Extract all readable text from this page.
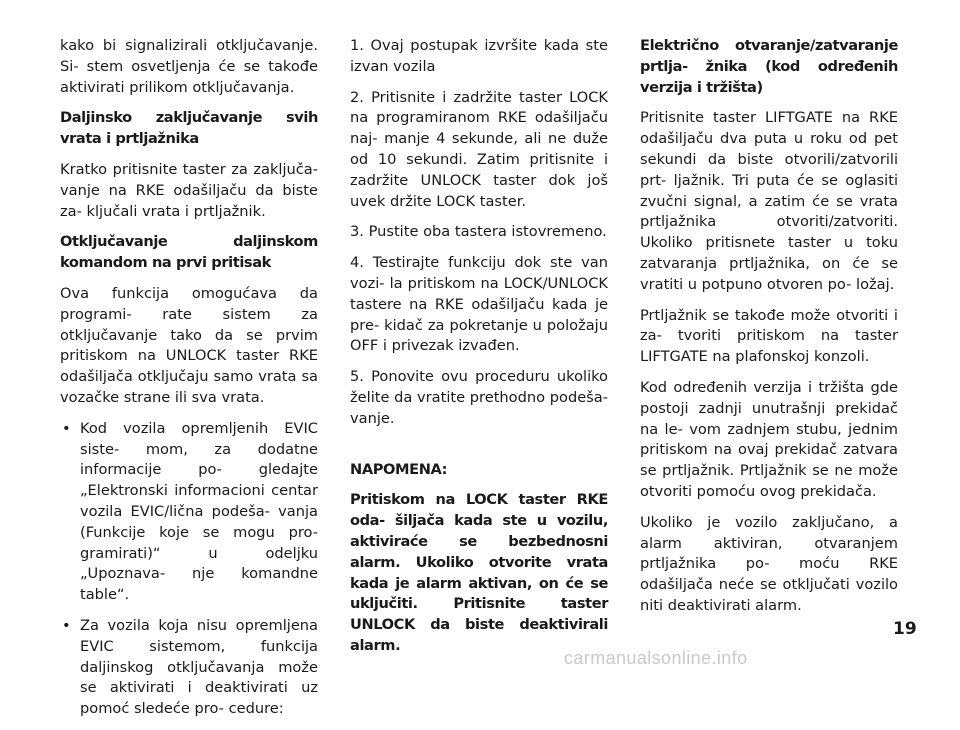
kako bi signalizirali otključavanje. Si- stem osvetljenja će se takođe aktivirati prilikom otključavanja.

Daljinsko zaključavanje svih vrata i prtljažnika

Kratko pritisnite taster za zaključa- vanje na RKE odašiljaču da biste za- ključali vrata i prtljažnik.

Otključavanje daljinskom komandom na prvi pritisak

Ova funkcija omogućava da programi- rate sistem za otključavanje tako da se prvim pritiskom na UNLOCK taster RKE odašiljača otključaju samo vrata sa vozačke strane ili sva vrata.

• Kod vozila opremljenih EVIC siste- mom, za dodatne informacije po- gledajte „Elektronski informacioni centar vozila EVIC/lična podeša- vanja (Funkcije koje se mogu pro- gramirati)“ u odeljku „Upoznava- nje komandne table“.
• Za vozila koja nisu opremljena EVIC sistemom, funkcija daljinskog otključavanja može se aktivirati i deaktivirati uz pomoć sledeće pro- cedure:

1. Ovaj postupak izvršite kada ste izvan vozila

2. Pritisnite i zadržite taster LOCK na programiranom RKE odašiljaču naj- manje 4 sekunde, ali ne duže od 10 sekundi. Zatim pritisnite i zadržite UNLOCK taster dok još uvek držite LOCK taster.

3. Pustite oba tastera istovremeno.

4. Testirajte funkciju dok ste van vozi- la pritiskom na LOCK/UNLOCK tastere na RKE odašiljaču kada je pre- kidač za pokretanje u položaju OFF i privezak izvađen.

5. Ponovite ovu proceduru ukoliko želite da vratite prethodno podeša- vanje.

NAPOMENA:

Pritiskom na LOCK taster RKE oda- šiljača kada ste u vozilu, aktiviraće se bezbednosni alarm. Ukoliko otvorite vrata kada je alarm aktivan, on će se uključiti. Pritisnite taster UNLOCK da biste deaktivirali alarm.

Električno otvaranje/zatvaranje prtlja- žnika (kod određenih verzija i tržišta)

Pritisnite taster LIFTGATE na RKE odašiljaču dva puta u roku od pet sekundi da biste otvorili/zatvorili prt- ljažnik. Tri puta će se oglasiti zvučni signal, a zatim će se vrata prtljažnika otvoriti/zatvoriti. Ukoliko pritisnete taster u toku zatvaranja prtljažnika, on će se vratiti u potpuno otvoren po- ložaj.

Prtljažnik se takođe može otvoriti i za- tvoriti pritiskom na taster LIFTGATE na plafonskoj konzoli.

Kod određenih verzija i tržišta gde postoji zadnji unutrašnji prekidač na le- vom zadnjem stubu, jednim pritiskom na ovaj prekidač zatvara se prtljažnik. Prtljažnik se ne može otvoriti pomoću ovog prekidača.

Ukoliko je vozilo zaključano, a alarm aktiviran, otvaranjem prtljažnika po- moću RKE odašiljača neće se otključati vozilo niti deaktivirati alarm.

19
carmanualsonline.info
